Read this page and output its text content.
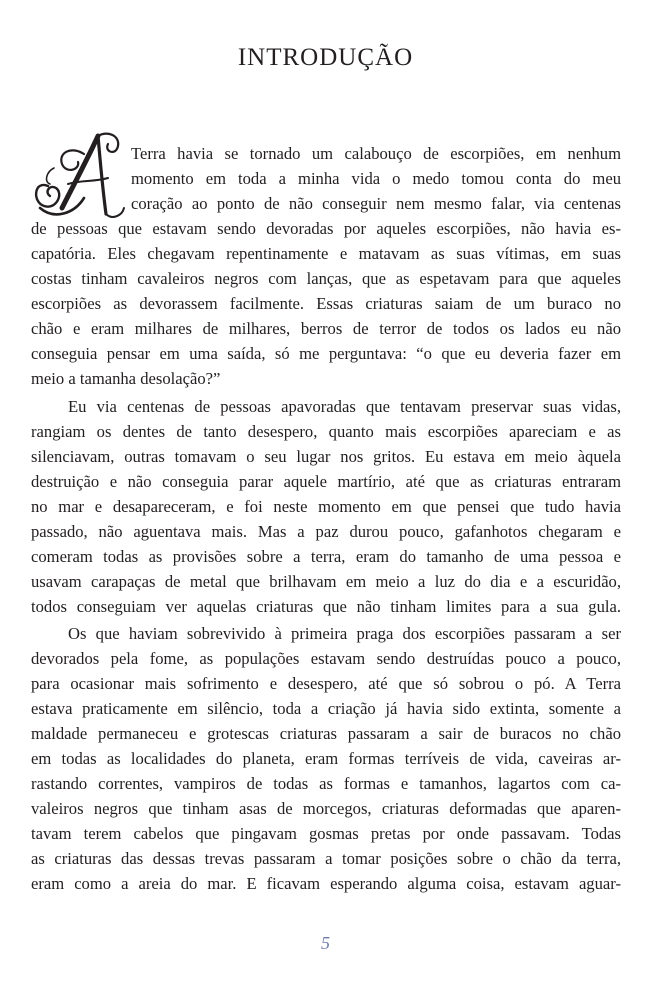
INTRODUÇÃO
Terra havia se tornado um calabouço de escorpiões, em nenhum
momento em toda a minha vida o medo tomou conta do meu
coração ao ponto de não conseguir nem mesmo falar, via centenas
de pessoas que estavam sendo devoradas por aqueles escorpiões, não havia es-
capatória. Eles chegavam repentinamente e matavam as suas vítimas, em suas
costas tinham cavaleiros negros com lanças, que as espetavam para que aqueles
escorpiões as devorassem facilmente. Essas criaturas saiam de um buraco no
chão e eram milhares de milhares, berros de terror de todos os lados eu não
conseguia pensar em uma saída, só me perguntava: “o que eu deveria fazer em
meio a tamanha desolação?”
Eu via centenas de pessoas apavoradas que tentavam preservar suas vidas,
rangiam os dentes de tanto desespero, quanto mais escorpiões apareciam e as
silenciavam, outras tomavam o seu lugar nos gritos. Eu estava em meio àquela
destruição e não conseguia parar aquele martírio, até que as criaturas entraram
no mar e desapareceram, e foi neste momento em que pensei que tudo havia
passado, não aguentava mais. Mas a paz durou pouco, gafanhotos chegaram e
comeram todas as provisões sobre a terra, eram do tamanho de uma pessoa e
usavam carapaças de metal que brilhavam em meio a luz do dia e a escuridão,
todos conseguiam ver aquelas criaturas que não tinham limites para a sua gula.
Os que haviam sobrevivido à primeira praga dos escorpiões passaram a ser
devorados pela fome, as populações estavam sendo destruídas pouco a pouco,
para ocasionar mais sofrimento e desespero, até que só sobrou o pó. A Terra
estava praticamente em silêncio, toda a criação já havia sido extinta, somente a
maldade permaneceu e grotescas criaturas passaram a sair de buracos no chão
em todas as localidades do planeta, eram formas terríveis de vida, caveiras ar-
rastando correntes, vampiros de todas as formas e tamanhos, lagartos com ca-
valeiros negros que tinham asas de morcegos, criaturas deformadas que aparen-
tavam terem cabelos que pingavam gosmas pretas por onde passavam. Todas
as criaturas das dessas trevas passaram a tomar posições sobre o chão da terra,
eram como a areia do mar. E ficavam esperando alguma coisa, estavam aguar-
5
